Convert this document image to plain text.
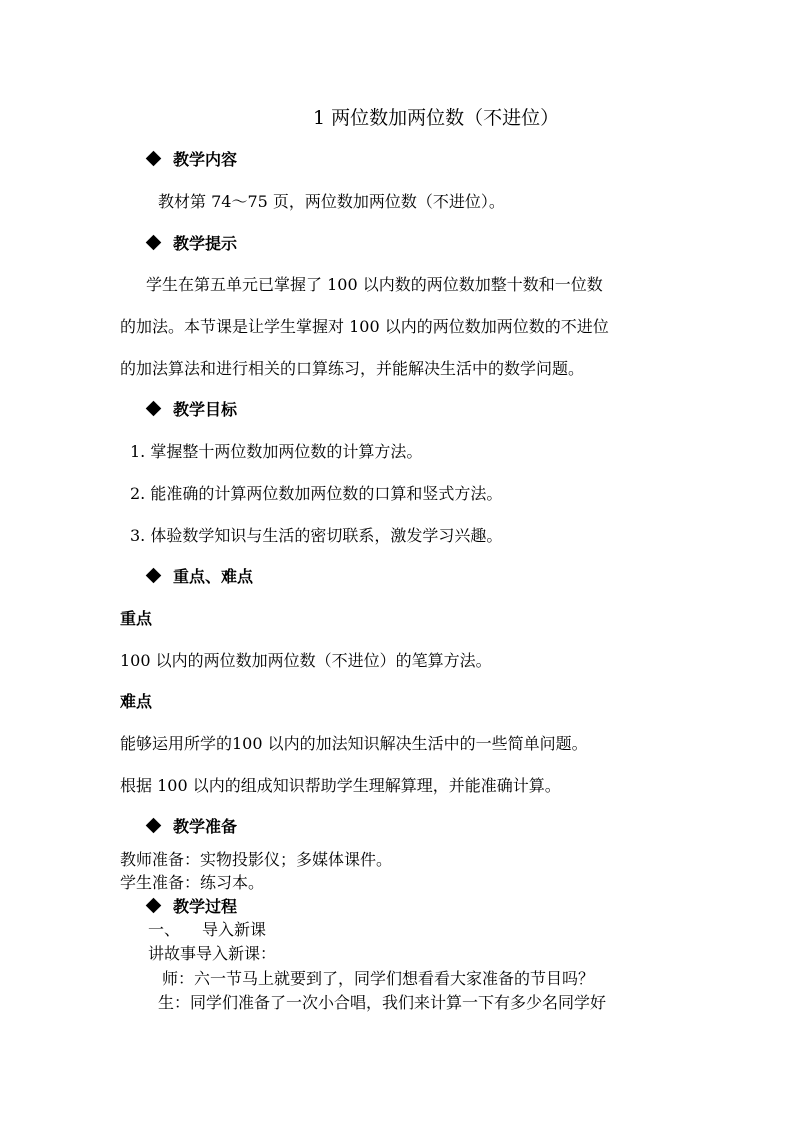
1 两位数加两位数（不进位）
教学内容
教材第 74～75 页，两位数加两位数（不进位）。
教学提示
学生在第五单元已掌握了 100 以内数的两位数加整十数和一位数
的加法。本节课是让学生掌握对 100 以内的两位数加两位数的不进位
的加法算法和进行相关的口算练习，并能解决生活中的数学问题。
教学目标
1. 掌握整十两位数加两位数的计算方法。
2. 能准确的计算两位数加两位数的口算和竖式方法。
3. 体验数学知识与生活的密切联系，激发学习兴趣。
重点、难点
重点
100 以内的两位数加两位数（不进位）的笔算方法。
难点
能够运用所学的100 以内的加法知识解决生活中的一些简单问题。
根据 100 以内的组成知识帮助学生理解算理，并能准确计算。
教学准备
教师准备：实物投影仪；多媒体课件。
学生准备：练习本。
教学过程
一、 导入新课
讲故事导入新课：
师：六一节马上就要到了，同学们想看看大家准备的节目吗？
生：同学们准备了一次小合唱，我们来计算一下有多少名同学好
